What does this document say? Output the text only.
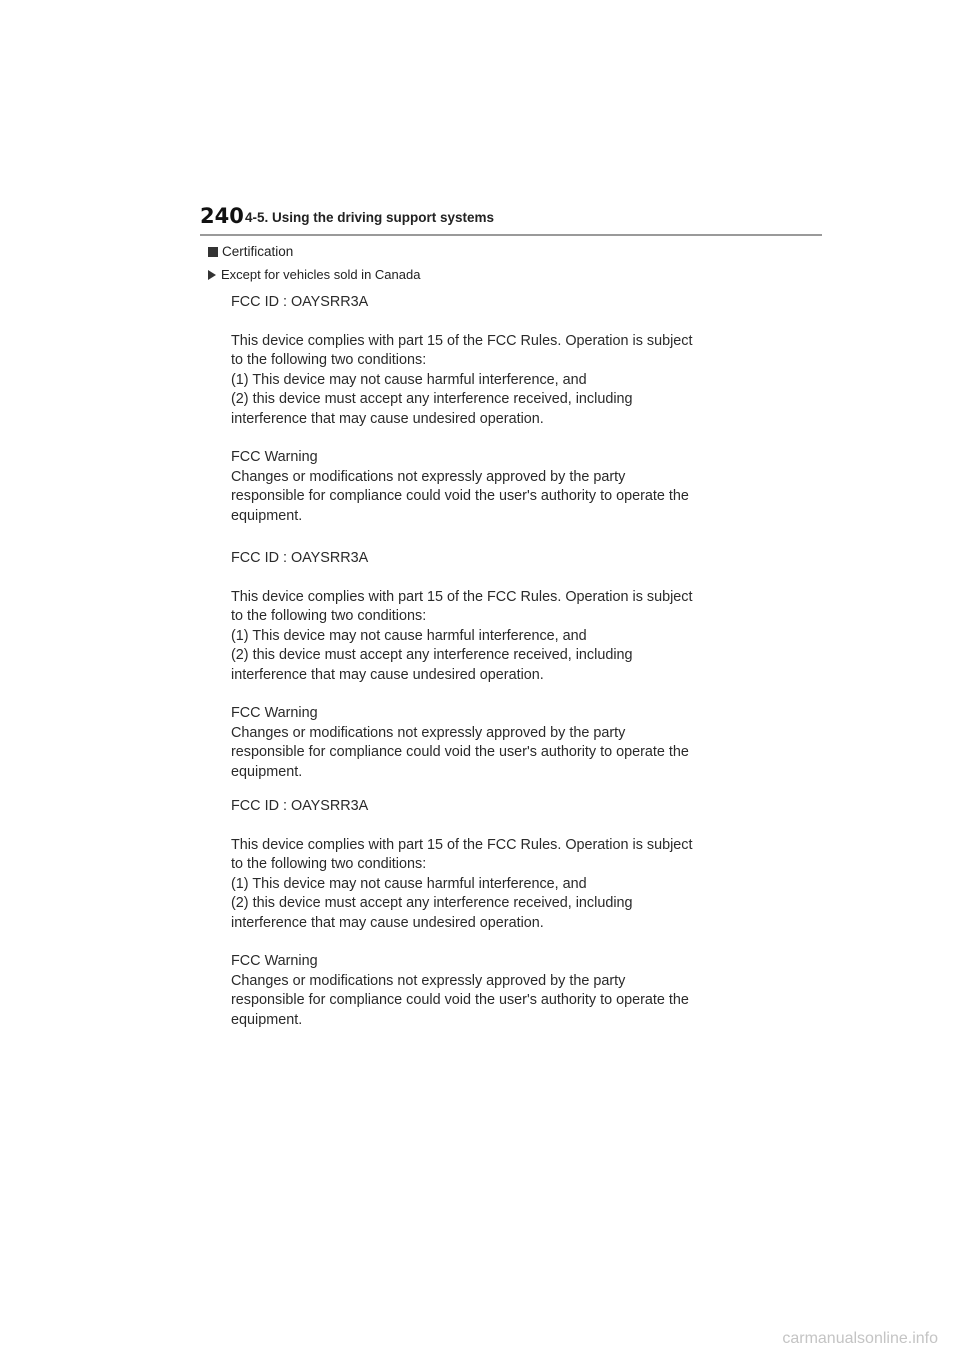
240 4-5. Using the driving support systems
Certification
Except for vehicles sold in Canada

FCC ID : OAYSRR3A

This device complies with part 15 of the FCC Rules. Operation is subject

to the following two conditions:

(1) This device may not cause harmful interference, and

(2) this device must accept any interference received, including

interference that may cause undesired operation.

FCC Warning

Changes or modifications not expressly approved by the party

responsible for compliance could void the user's authority to operate the

equipment.

FCC ID : OAYSRR3A

This device complies with part 15 of the FCC Rules. Operation is subject

to the following two conditions:

(1) This device may not cause harmful interference, and

(2) this device must accept any interference received, including

interference that may cause undesired operation.

FCC Warning

Changes or modifications not expressly approved by the party

responsible for compliance could void the user's authority to operate the

equipment.

FCC ID : OAYSRR3A

This device complies with part 15 of the FCC Rules. Operation is subject

to the following two conditions:

(1) This device may not cause harmful interference, and

(2) this device must accept any interference received, including

interference that may cause undesired operation.

FCC Warning

Changes or modifications not expressly approved by the party

responsible for compliance could void the user's authority to operate the

equipment.

carmanualsonline.info
